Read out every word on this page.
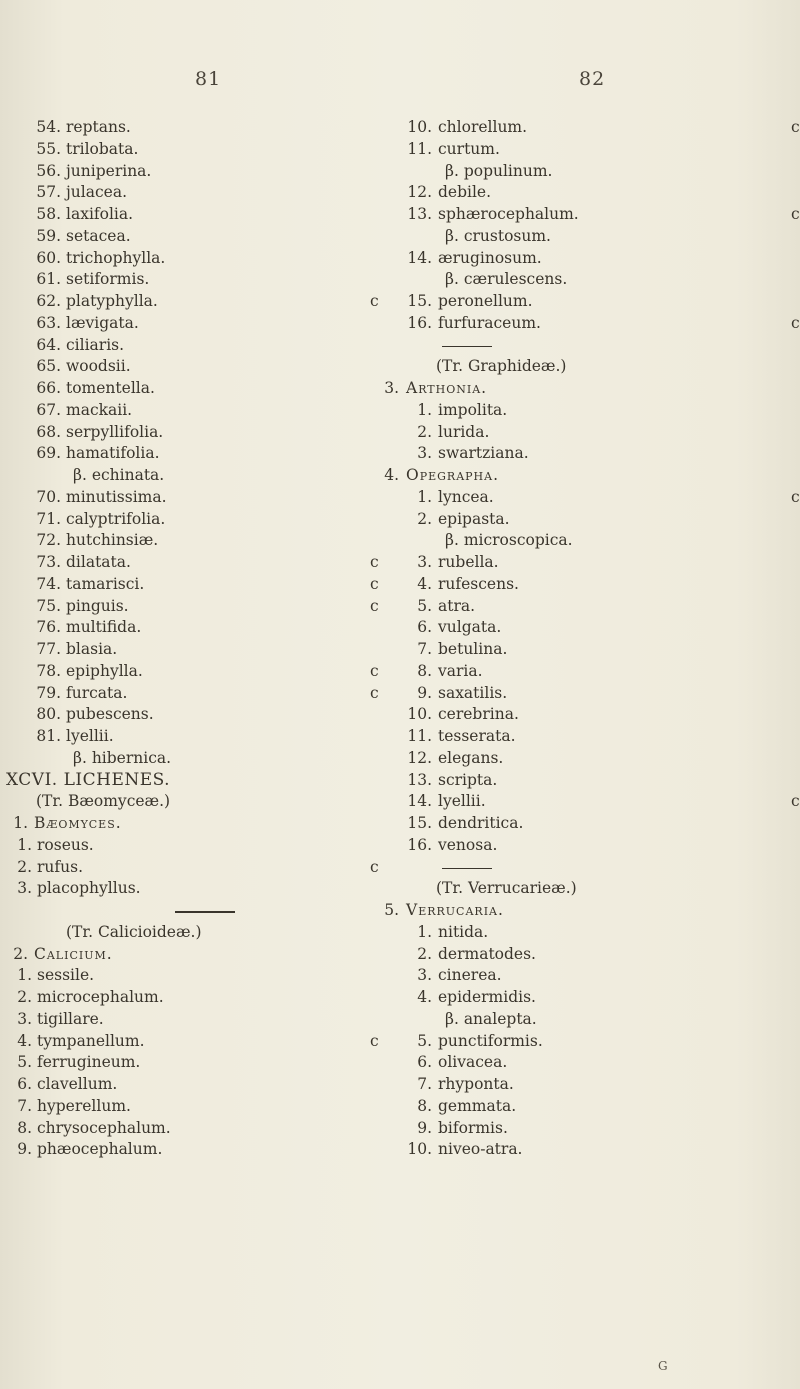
81	82
54. reptans.
55. trilobata.
56. juniperina.
57. julacea.
58. laxifolia.
59. setacea.
60. trichophylla.
61. setiformis.
62. platyphylla.	c
63. lævigata.
64. ciliaris.
65. woodsii.
66. tomentella.
67. mackaii.
68. serpyllifolia.
69. hamatifolia.
β. echinata.
70. minutissima.
71. calyptrifolia.
72. hutchinsiæ.
73. dilatata.	c
74. tamarisci.	c
75. pinguis.	c
76. multifida.
77. blasia.
78. epiphylla.	c
79. furcata.	c
80. pubescens.
81. lyellii.
β. hibernica.
XCVI. LICHENES.
(Tr. Bæomyceæ.)
1. Bæomyces.
1. roseus.
2. rufus.	c
3. placophyllus.
(Tr. Calicioideæ.)
2. Calicium.
1. sessile.
2. microcephalum.
3. tigillare.
4. tympanellum.	c
5. ferrugineum.
6. clavellum.
7. hyperellum.
8. chrysocephalum.
9. phæocephalum.
10. chlorellum.	c
11. curtum.
β. populinum.
12. debile.
13. sphærocephalum.	c
β. crustosum.
14. æruginosum.
β. cærulescens.
15. peronellum.
16. furfuraceum.	c
(Tr. Graphideæ.)
3. Arthonia.
1. impolita.
2. lurida.
3. swartziana.
4. Opegrapha.
1. lyncea.	c
2. epipasta.
β. microscopica.
3. rubella.
4. rufescens.
5. atra.
6. vulgata.
7. betulina.
8. varia.
9. saxatilis.
10. cerebrina.
11. tesserata.
12. elegans.
13. scripta.
14. lyellii.	c
15. dendritica.
16. venosa.
(Tr. Verrucarieæ.)
5. Verrucaria.
1. nitida.
2. dermatodes.
3. cinerea.
4. epidermidis.
β. analepta.
5. punctiformis.
6. olivacea.
7. rhyponta.
8. gemmata.
9. biformis.
10. niveo-atra.
G
